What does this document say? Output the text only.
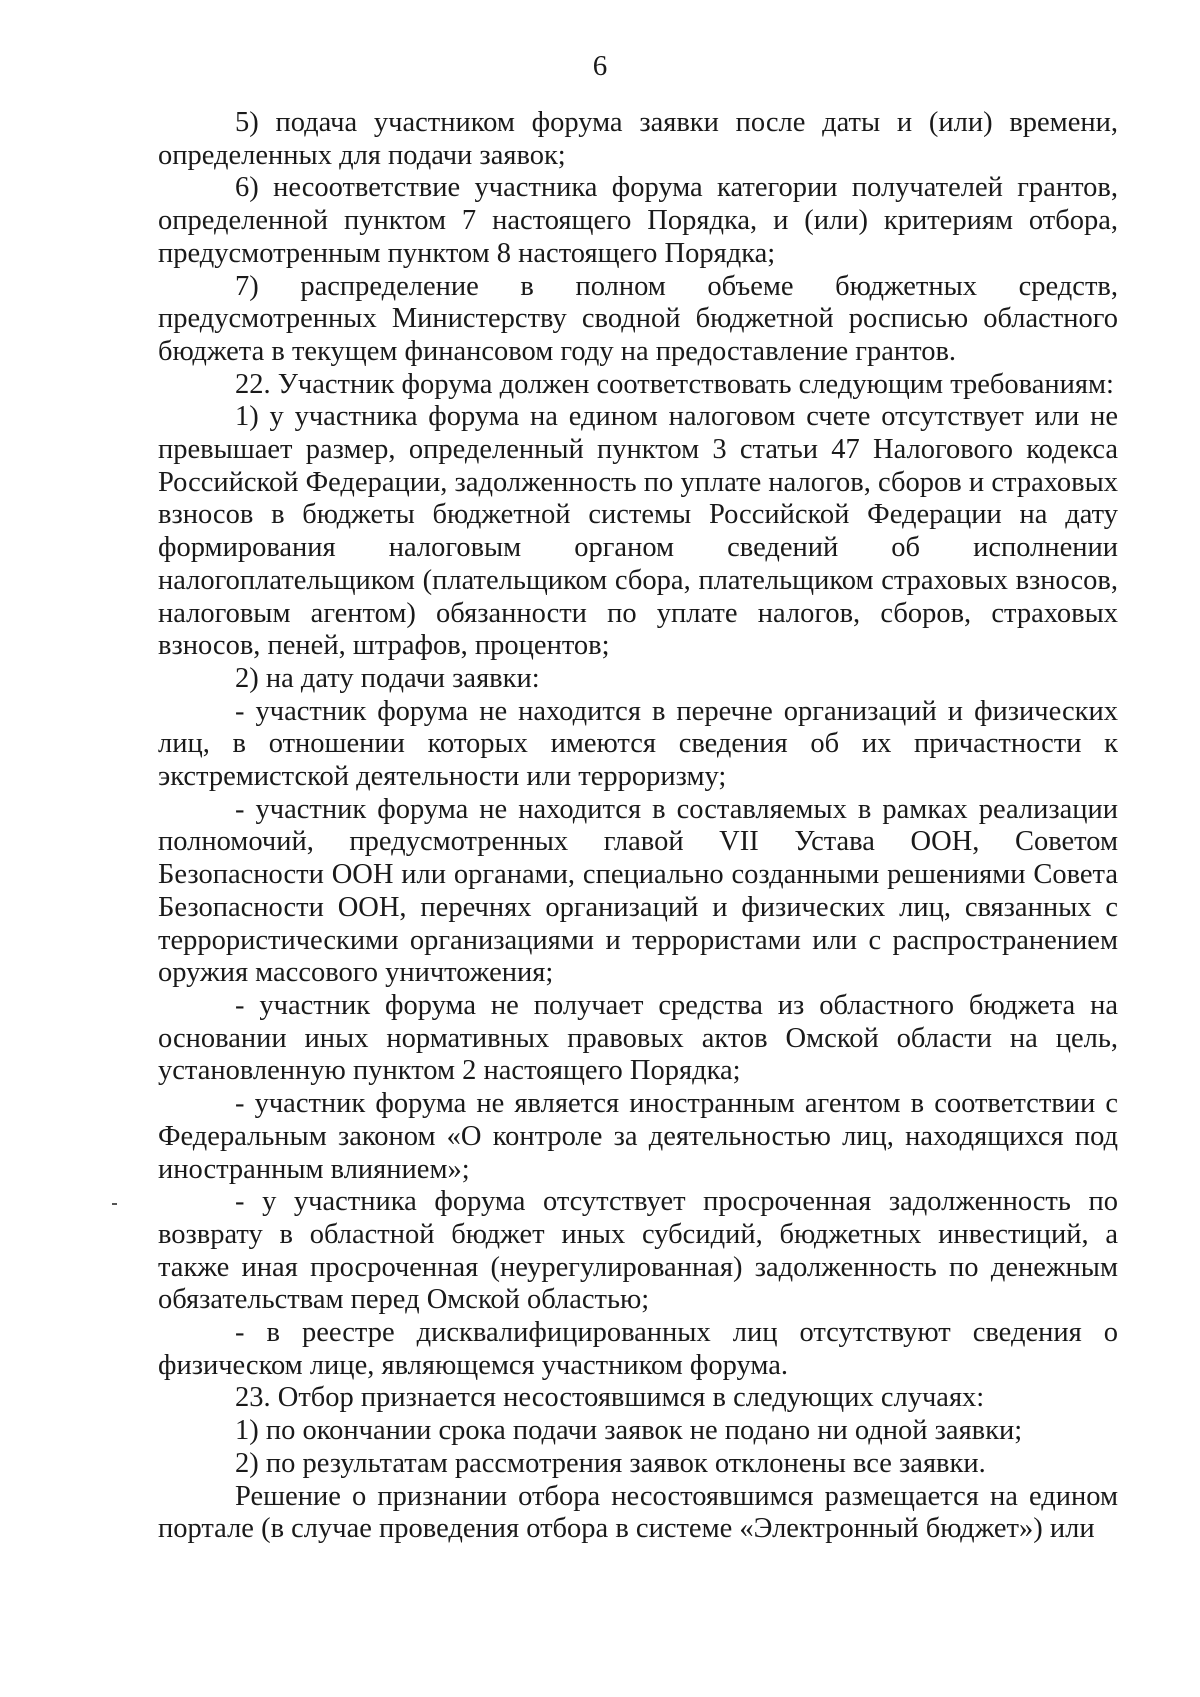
6

5) подача участником форума заявки после даты и (или) времени, определенных для подачи заявок;

6) несоответствие участника форума категории получателей грантов, определенной пунктом 7 настоящего Порядка, и (или) критериям отбора, предусмотренным пунктом 8 настоящего Порядка;

7) распределение в полном объеме бюджетных средств, предусмотренных Министерству сводной бюджетной росписью областного бюджета в текущем финансовом году на предоставление грантов.

22. Участник форума должен соответствовать следующим требованиям:

1) у участника форума на едином налоговом счете отсутствует или не превышает размер, определенный пунктом 3 статьи 47 Налогового кодекса Российской Федерации, задолженность по уплате налогов, сборов и страховых взносов в бюджеты бюджетной системы Российской Федерации на дату формирования налоговым органом сведений об исполнении налогоплательщиком (плательщиком сбора, плательщиком страховых взносов, налоговым агентом) обязанности по уплате налогов, сборов, страховых взносов, пеней, штрафов, процентов;

2) на дату подачи заявки:

- участник форума не находится в перечне организаций и физических лиц, в отношении которых имеются сведения об их причастности к экстремистской деятельности или терроризму;

- участник форума не находится в составляемых в рамках реализации полномочий, предусмотренных главой VII Устава ООН, Советом Безопасности ООН или органами, специально созданными решениями Совета Безопасности ООН, перечнях организаций и физических лиц, связанных с террористическими организациями и террористами или с распространением оружия массового уничтожения;

- участник форума не получает средства из областного бюджета на основании иных нормативных правовых актов Омской области на цель, установленную пунктом 2 настоящего Порядка;

- участник форума не является иностранным агентом в соответствии с Федеральным законом «О контроле за деятельностью лиц, находящихся под иностранным влиянием»;

- у участника форума отсутствует просроченная задолженность по возврату в областной бюджет иных субсидий, бюджетных инвестиций, а также иная просроченная (неурегулированная) задолженность по денежным обязательствам перед Омской областью;

- в реестре дисквалифицированных лиц отсутствуют сведения о физическом лице, являющемся участником форума.

23. Отбор признается несостоявшимся в следующих случаях:

1) по окончании срока подачи заявок не подано ни одной заявки;

2) по результатам рассмотрения заявок отклонены все заявки.

Решение о признании отбора несостоявшимся размещается на едином портале (в случае проведения отбора в системе «Электронный бюджет») или
